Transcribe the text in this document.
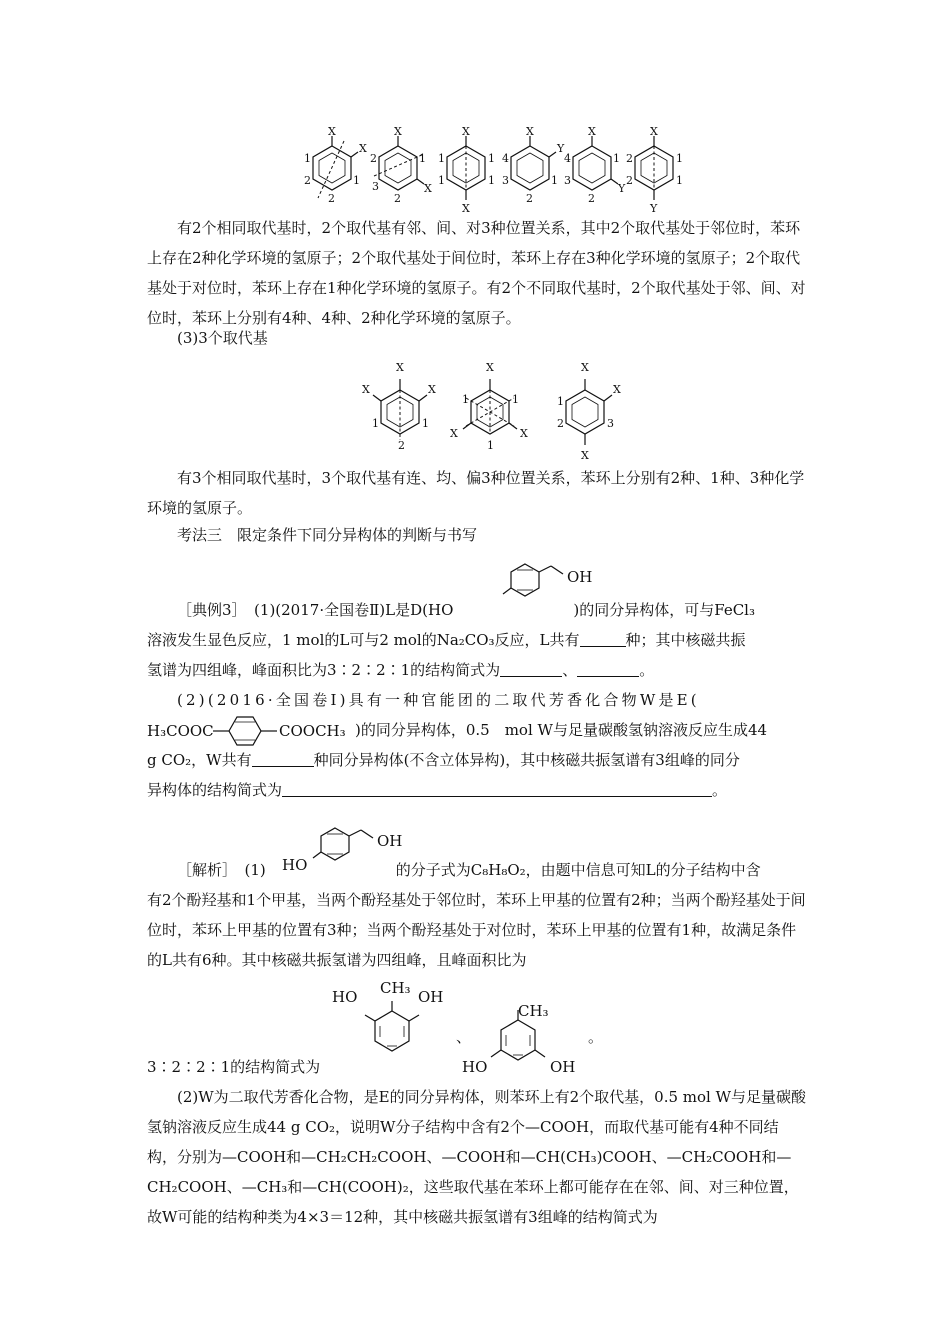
X
X
1
2
2
1
X
X
2	1
3
2
X
X
1	1
1	1
X
Y
4
3
2
1
X
Y
4	1
3
2
X
Y
2	1
2	1

有2个相同取代基时，2个取代基有邻、间、对3种位置关系，其中2个取代基处于邻位时，苯环上存在2种化学环境的氢原子；2个取代基处于间位时，苯环上存在3种化学环境的氢原子；2个取代基处于对位时，苯环上存在1种化学环境的氢原子。有2个不同取代基时，2个取代基处于邻、间、对位时，苯环上分别有4种、4种、2种化学环境的氢原子。

(3)3个取代基

X
X	X
1	1
2
X
X	X
1	1
1
X
X
X
1
2	3

有3个相同取代基时，3个取代基有连、均、偏3种位置关系，苯环上分别有2种、1种、3种化学环境的氢原子。

考法三　限定条件下同分异构体的判断与书写

OH
［典例3］　(1)(2017·全国卷Ⅱ)L是D(HO	)的同分异构体，可与FeCl₃
溶液发生显色反应，1 mol的L可与2 mol的Na₂CO₃反应，L共有	种；其中核磁共振
氢谱为四组峰，峰面积比为3∶2∶2∶1的结构简式为	、	。
(2)(2016·全国卷Ⅰ)具有一种官能团的二取代芳香化合物W是E(
H₃COOC	COOCH₃ )的同分异构体，0.5　mol W与足量碳酸氢钠溶液反应生成44
g CO₂，W共有	种同分异构体(不含立体异构)，其中核磁共振氢谱有3组峰的同分
异构体的结构简式为	。
OH
HO
［解析］　(1)	的分子式为C₈H₈O₂，由题中信息可知L的分子结构中含

有2个酚羟基和1个甲基，当两个酚羟基处于邻位时，苯环上甲基的位置有2种；当两个酚羟基处于间位时，苯环上甲基的位置有3种；当两个酚羟基处于对位时，苯环上甲基的位置有1种，故满足条件的L共有6种。其中核磁共振氢谱为四组峰，且峰面积比为

HO CH₃ OH
、
CH₃
HO	OH
。
3∶2∶2∶1的结构简式为

(2)W为二取代芳香化合物，是E的同分异构体，则苯环上有2个取代基，0.5 mol W与足量碳酸氢钠溶液反应生成44 g CO₂，说明W分子结构中含有2个—COOH，而取代基可能有4种不同结构，分别为—COOH和—CH₂CH₂COOH、—COOH和—CH(CH₃)COOH、—CH₂COOH和—CH₂COOH、—CH₃和—CH(COOH)₂，这些取代基在苯环上都可能存在在邻、间、对三种位置，故W可能的结构种类为4×3＝12种，其中核磁共振氢谱有3组峰的结构简式为
